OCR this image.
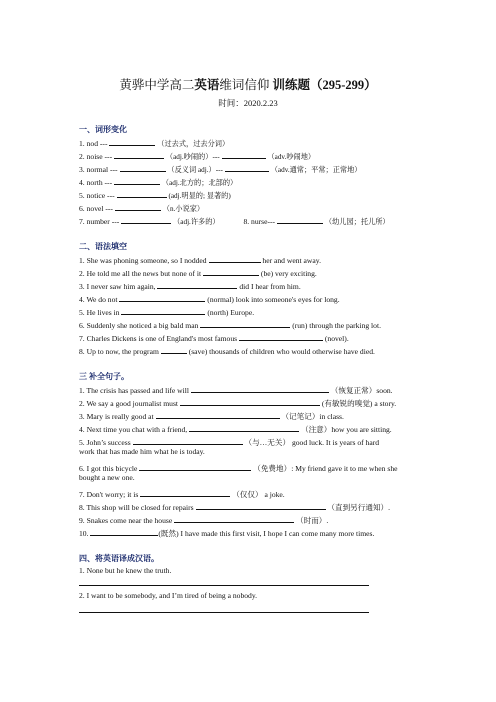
黄骅中学高二英语维词信仰 训练题（295-299）
时间：2020.2.23
一、词形变化
1. nod ---	（过去式，过去分词）
2. noise ---	（adj.吵闹的）---	（adv.吵闹地）
3. normal ---	（反义词 adj.）---	（adv.通常；平常；正常地）
4. north ---	（adj.北方的；北部的）
5. notice ---	(adj.明显的; 显著的)
6. novel ---	（n.小说家）
7. number ---	（adj.许多的）	8. nurse---	（幼儿园；托儿所）
二、语法填空
1. She was phoning someone, so I nodded	her and went away.
2. He told me all the news but none of it	(be) very exciting.
3. I never saw him again,	did I hear from him.
4. We do not	(normal) look into someone's eyes for long.
5. He lives in	(north) Europe.
6. Suddenly she noticed a big bald man	(run) through the parking lot.
7. Charles Dickens is one of England's most famous	(novel).
8. Up to now, the program	(save) thousands of children who would otherwise have died.
三 补全句子。
1. The crisis has passed and life will	（恢复正常）soon.
2. We say a good journalist must	(有敏锐的嗅觉) a story.
3. Mary is really good at	（记笔记）in class.
4. Next time you chat with a friend,	（注意）how you are sitting.
5. John’s success	（与…无关） good luck. It is years of hard
work that has made him what he is today.
6. I got this bicycle	（免费地）: My friend gave it to me when she
bought a new one.
7. Don't worry; it is	（仅仅） a joke.
8. This shop will be closed for repairs	（直到另行通知）.
9. Snakes come near the house	（时而）.
10.	(既然) I have made this first visit, I hope I can come many more times.
四、将英语译成汉语。
1. None but he knew the truth.
2. I want to be somebody, and I’m tired of being a nobody.
